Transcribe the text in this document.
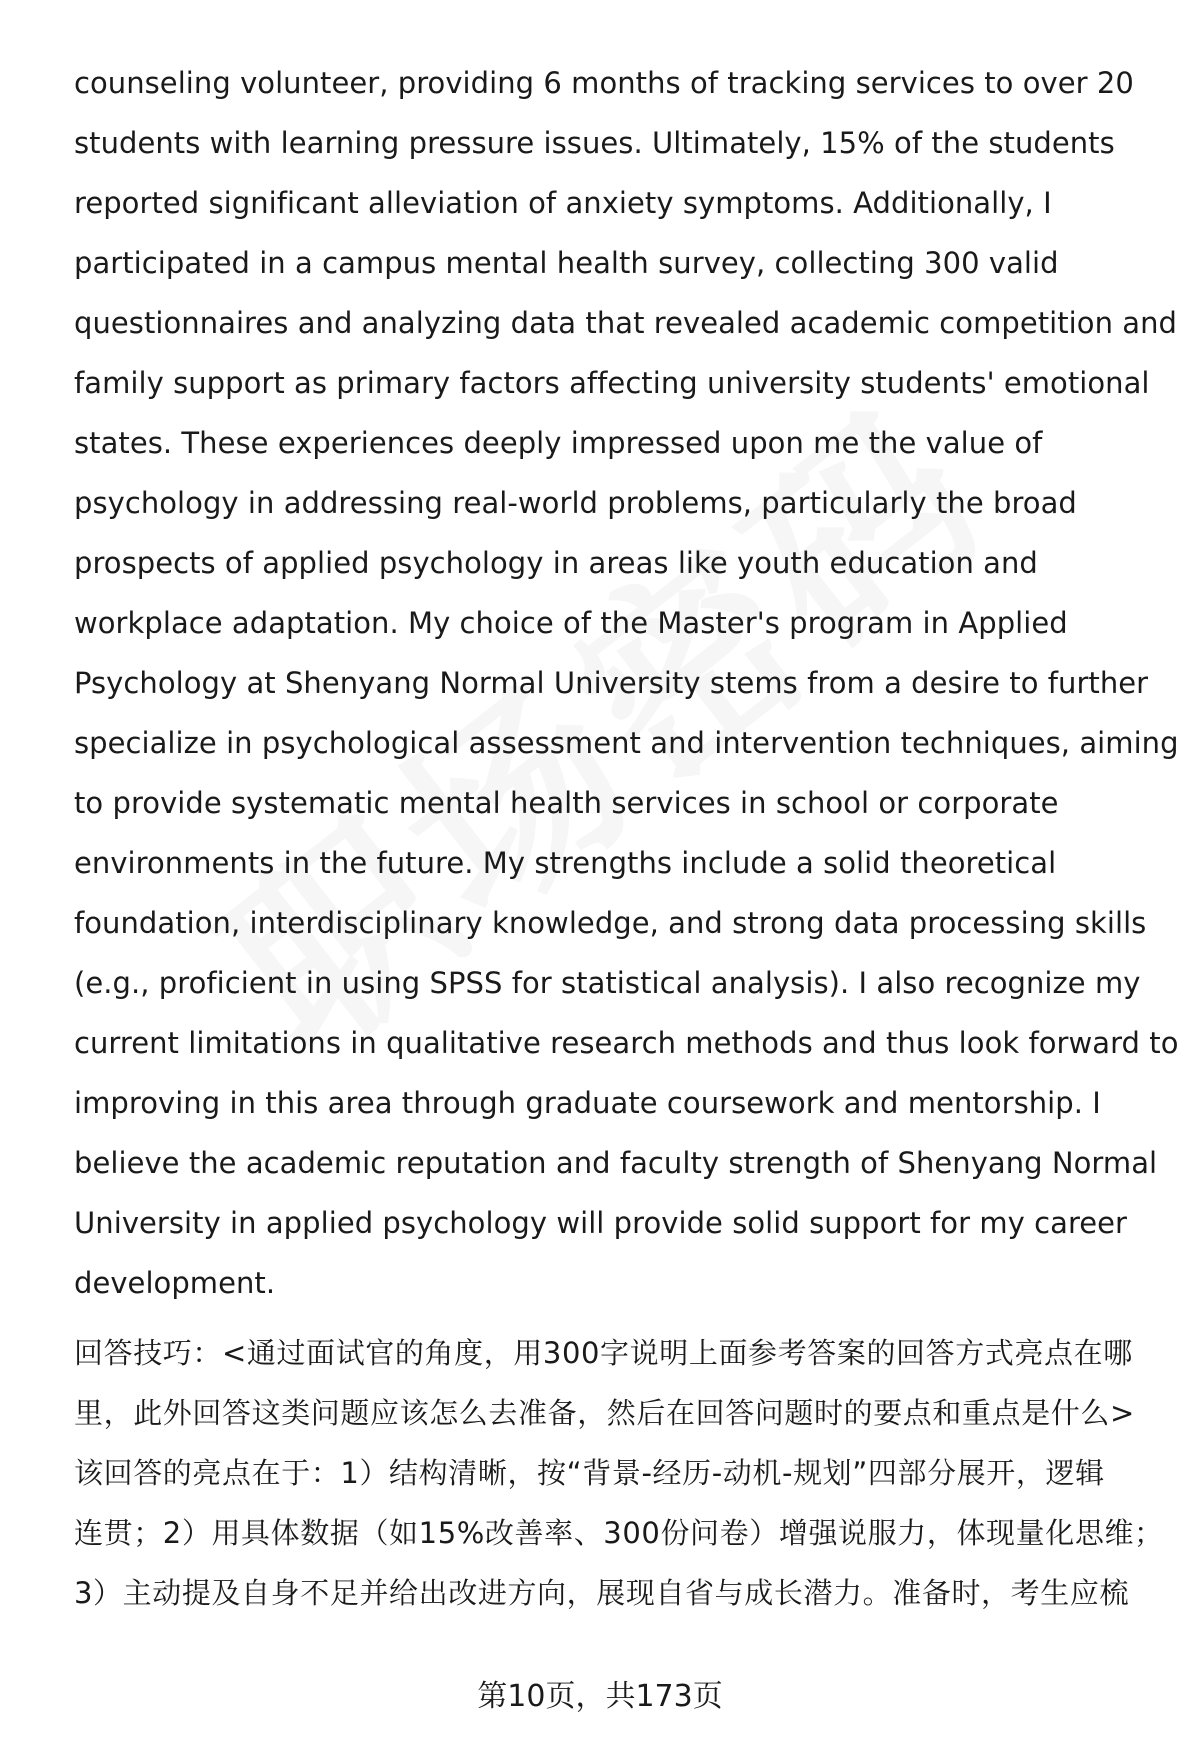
counseling volunteer, providing 6 months of tracking services to over 20
students with learning pressure issues. Ultimately, 15% of the students
reported significant alleviation of anxiety symptoms. Additionally, I
participated in a campus mental health survey, collecting 300 valid
questionnaires and analyzing data that revealed academic competition and
family support as primary factors affecting university students' emotional
states. These experiences deeply impressed upon me the value of
psychology in addressing real-world problems, particularly the broad
prospects of applied psychology in areas like youth education and
workplace adaptation. My choice of the Master's program in Applied
Psychology at Shenyang Normal University stems from a desire to further
specialize in psychological assessment and intervention techniques, aiming
to provide systematic mental health services in school or corporate
environments in the future. My strengths include a solid theoretical
foundation, interdisciplinary knowledge, and strong data processing skills
(e.g., proficient in using SPSS for statistical analysis). I also recognize my
current limitations in qualitative research methods and thus look forward to
improving in this area through graduate coursework and mentorship. I
believe the academic reputation and faculty strength of Shenyang Normal
University in applied psychology will provide solid support for my career
development.
回答技巧：<通过面试官的角度，用300字说明上面参考答案的回答方式亮点在哪
里，此外回答这类问题应该怎么去准备，然后在回答问题时的要点和重点是什么>
该回答的亮点在于：1）结构清晰，按“背景-经历-动机-规划”四部分展开，逻辑
连贯；2）用具体数据（如15%改善率、300份问卷）增强说服力，体现量化思维；
3）主动提及自身不足并给出改进方向，展现自省与成长潜力。准备时，考生应梳
第10页，共173页
